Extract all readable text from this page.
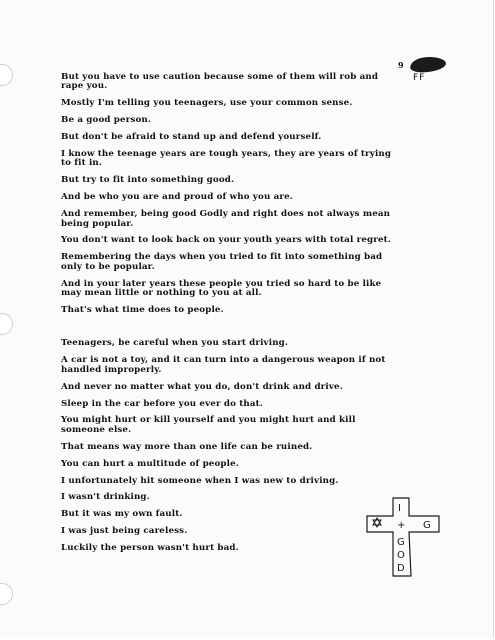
9
FF
But you have to use caution because some of them will rob and rape you.
Mostly I'm telling you teenagers, use your common sense.
Be a good person.
But don't be afraid to stand up and defend yourself.
I know the teenage years are tough years, they are years of trying to fit in.
But try to fit into something good.
And be who you are and proud of who you are.
And remember, being good Godly and right does not always mean being popular.
You don't want to look back on your youth years with total regret.
Remembering the days when you tried to fit into something bad only to be popular.
And in your later years these people you tried so hard to be like may mean little or nothing to you at all.
That's what time does to people.
Teenagers, be careful when you start driving.
A car is not a toy, and it can turn into a dangerous weapon if not handled improperly.
And never no matter what you do, don't drink and drive.
Sleep in the car before you ever do that.
You might hurt or kill yourself and you might hurt and kill someone else.
That means way more than one life can be ruined.
You can hurt a multitude of people.
I unfortunately hit someone when I was new to driving.
I wasn't drinking.
But it was my own fault.
I was just being careless.
Luckily the person wasn't hurt bad.
I
+ G
G
O
D
